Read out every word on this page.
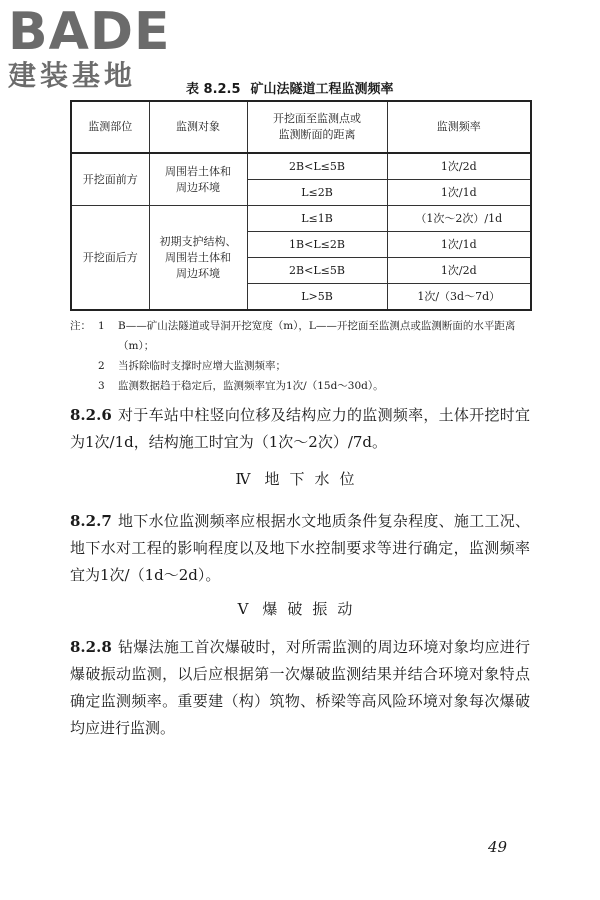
BADE
建装基地	表 8.2.5 矿山法隧道工程监测频率
监测部位	监测对象	开挖面至监测点或
监测断面的距离	监测频率
开挖面前方	周围岩土体和
周边环境	2B<L≤5B	1次/2d
		L≤2B	1次/1d
开挖面后方	初期支护结构、
周围岩土体和
周边环境	L≤1B	（1次～2次）/1d
		1B<L≤2B	1次/1d
		2B<L≤5B	1次/2d
		L>5B	1次/（3d～7d）
注： 1	B——矿山法隧道或导洞开挖宽度（m），L——开挖面至监测点或监测断面的水平距离（m）；
2	当拆除临时支撑时应增大监测频率；
3	监测数据趋于稳定后，监测频率宜为1次/（15d～30d）。
8.2.6 对于车站中柱竖向位移及结构应力的监测频率，土体开挖时宜为1次/1d，结构施工时宜为（1次～2次）/7d。
Ⅳ 地下水位
8.2.7 地下水位监测频率应根据水文地质条件复杂程度、施工工况、地下水对工程的影响程度以及地下水控制要求等进行确定，监测频率宜为1次/（1d～2d）。
Ⅴ 爆破振动
8.2.8 钻爆法施工首次爆破时，对所需监测的周边环境对象均应进行爆破振动监测，以后应根据第一次爆破监测结果并结合环境对象特点确定监测频率。重要建（构）筑物、桥梁等高风险环境对象每次爆破均应进行监测。
49
